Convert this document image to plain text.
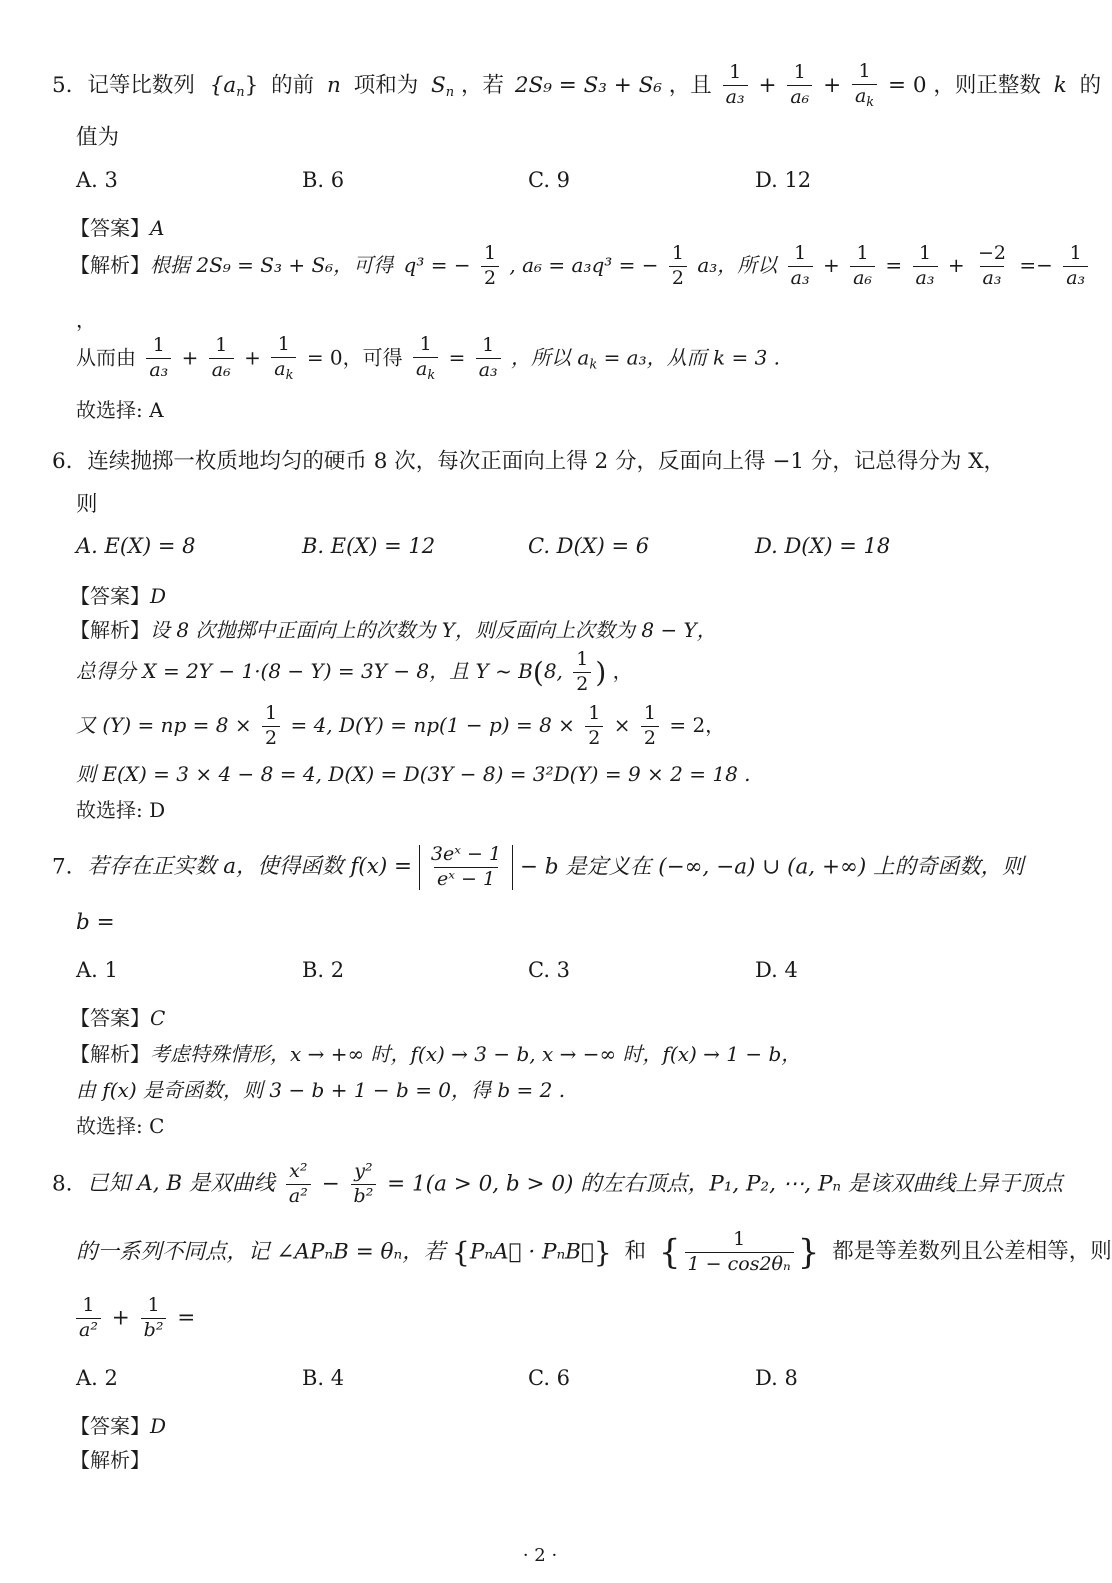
5. 记等比数列 $\{a_n\}$ 的前 n 项和为 $S_n$ ，若 2S₉ = S₃ + S₆ ，且 $\frac{1}{\text{a₃}} + \frac{1}{\text{a₆}} + \frac{1}{a_k} = 0$ ，则正整数 k 的
值为
A. 3	B. 6	C. 9	D. 12
【答案】A
【解析】根据 2S₉ = S₃ + S₆，可得 q³ = − $\frac{1}{2}$ , a₆ = a₃q³ = − $\frac{1}{2} a_3$，所以 $\frac{1}{\text{a₃}} + \frac{1}{\text{a₆}} = \frac{1}{\text{a₃}} + \frac{-2}{\text{a₃}} =- \frac{1}{\text{a₃}}$
，
从而由 $\frac{1}{\text{a₃}} + \frac{1}{\text{a₆}} + \frac{1}{a_k} = 0$，可得 $\frac{1}{a_k} = \frac{1}{\text{a₃}}$ ，所以 $a_k = a_3$，从而 k = 3 .
故选择: A
6. 连续抛掷一枚质地均匀的硬币 8 次，每次正面向上得 2 分，反面向上得 −1 分，记总得分为 X，
则
A. E(X) = 8	B. E(X) = 12	C. D(X) = 6	D. D(X) = 18
【答案】D
【解析】设 8 次抛掷中正面向上的次数为 Y，则反面向上次数为 8 − Y，
总得分 X = 2Y − 1·(8 − Y) = 3Y − 8，且 Y ~ B(8, $\frac{1}{2}$ ) ，
又 (Y) = np = $8 \times \frac{1}{2} = 4$, $D(Y) = np(1 - p) = 8 \times \frac{1}{2} \times \frac{1}{2} = 2$，
则 E(X) = 3 × 4 − 8 = 4, D(X) = D(3Y − 8) = 3²D(Y) = 9 × 2 = 18 .
故选择: D
7. 若存在正实数 a，使得函数 $f(x) = \frac{\text{3eˣ − 1}}{\text{eˣ − 1}} - b$ 是定义在 (−∞, −a) ∪ (a, +∞) 上的奇函数，则
b =
A. 1	B. 2	C. 3	D. 4
【答案】C
【解析】考虑特殊情形，x → +∞ 时，f(x) → 3 − b, x → −∞ 时，f(x) → 1 − b，
由 f(x) 是奇函数，则 3 − b + 1 − b = 0，得 b = 2 .
故选择: C
8. 已知 A, B 是双曲线 $\frac{\text{x²}}{\text{a²}} - \frac{\text{y²}}{\text{b²}} = 1(a > 0$, b > 0) 的左右顶点，P₁, P₂, ⋯, Pₙ 是该双曲线上异于顶点
的一系列不同点，记 ∠APₙB = θₙ，若 {PₙA⃗ · PₙB⃗} 和 { $\frac{1}{\text{1 − cos2θₙ}}$ } 都是等差数列且公差相等，则
$\frac{1}{\text{a²}} + \frac{1}{\text{b²}}$ =
A. 2	B. 4	C. 6	D. 8
【答案】D
【解析】
· 2 ·
